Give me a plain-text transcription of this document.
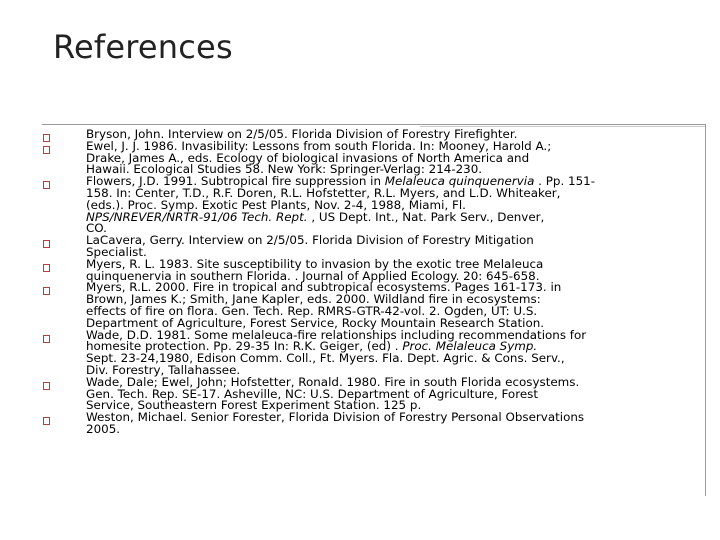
References
Bryson, John. Interview on 2/5/05. Florida Division of Forestry Firefighter.
Ewel, J. J. 1986. Invasibility: Lessons from south Florida. In: Mooney, Harold A.;
Drake, James A., eds. Ecology of biological invasions of North America and
Hawaii. Ecological Studies 58. New York: Springer-Verlag: 214-230.
Flowers, J.D. 1991. Subtropical fire suppression in Melaleuca quinquenervia . Pp. 151-
158. In: Center, T.D., R.F. Doren, R.L. Hofstetter, R.L. Myers, and L.D. Whiteaker,
(eds.). Proc. Symp. Exotic Pest Plants, Nov. 2-4, 1988, Miami, Fl.
NPS/NREVER/NRTR-91/06 Tech. Rept. , US Dept. Int., Nat. Park Serv., Denver,
CO.
LaCavera, Gerry. Interview on 2/5/05. Florida Division of Forestry Mitigation
Specialist.
Myers, R. L. 1983. Site susceptibility to invasion by the exotic tree Melaleuca
quinquenervia in southern Florida. . Journal of Applied Ecology. 20: 645-658.
Myers, R.L. 2000. Fire in tropical and subtropical ecosystems. Pages 161-173. in
Brown, James K.; Smith, Jane Kapler, eds. 2000. Wildland fire in ecosystems:
effects of fire on flora. Gen. Tech. Rep. RMRS-GTR-42-vol. 2. Ogden, UT: U.S.
Department of Agriculture, Forest Service, Rocky Mountain Research Station.
Wade, D.D. 1981. Some melaleuca-fire relationships including recommendations for
homesite protection. Pp. 29-35 In: R.K. Geiger, (ed) . Proc. Melaleuca Symp.
Sept. 23-24,1980, Edison Comm. Coll., Ft. Myers. Fla. Dept. Agric. & Cons. Serv.,
Div. Forestry, Tallahassee.
Wade, Dale; Ewel, John; Hofstetter, Ronald. 1980. Fire in south Florida ecosystems.
Gen. Tech. Rep. SE-17. Asheville, NC: U.S. Department of Agriculture, Forest
Service, Southeastern Forest Experiment Station. 125 p.
Weston, Michael. Senior Forester, Florida Division of Forestry Personal Observations
2005.
